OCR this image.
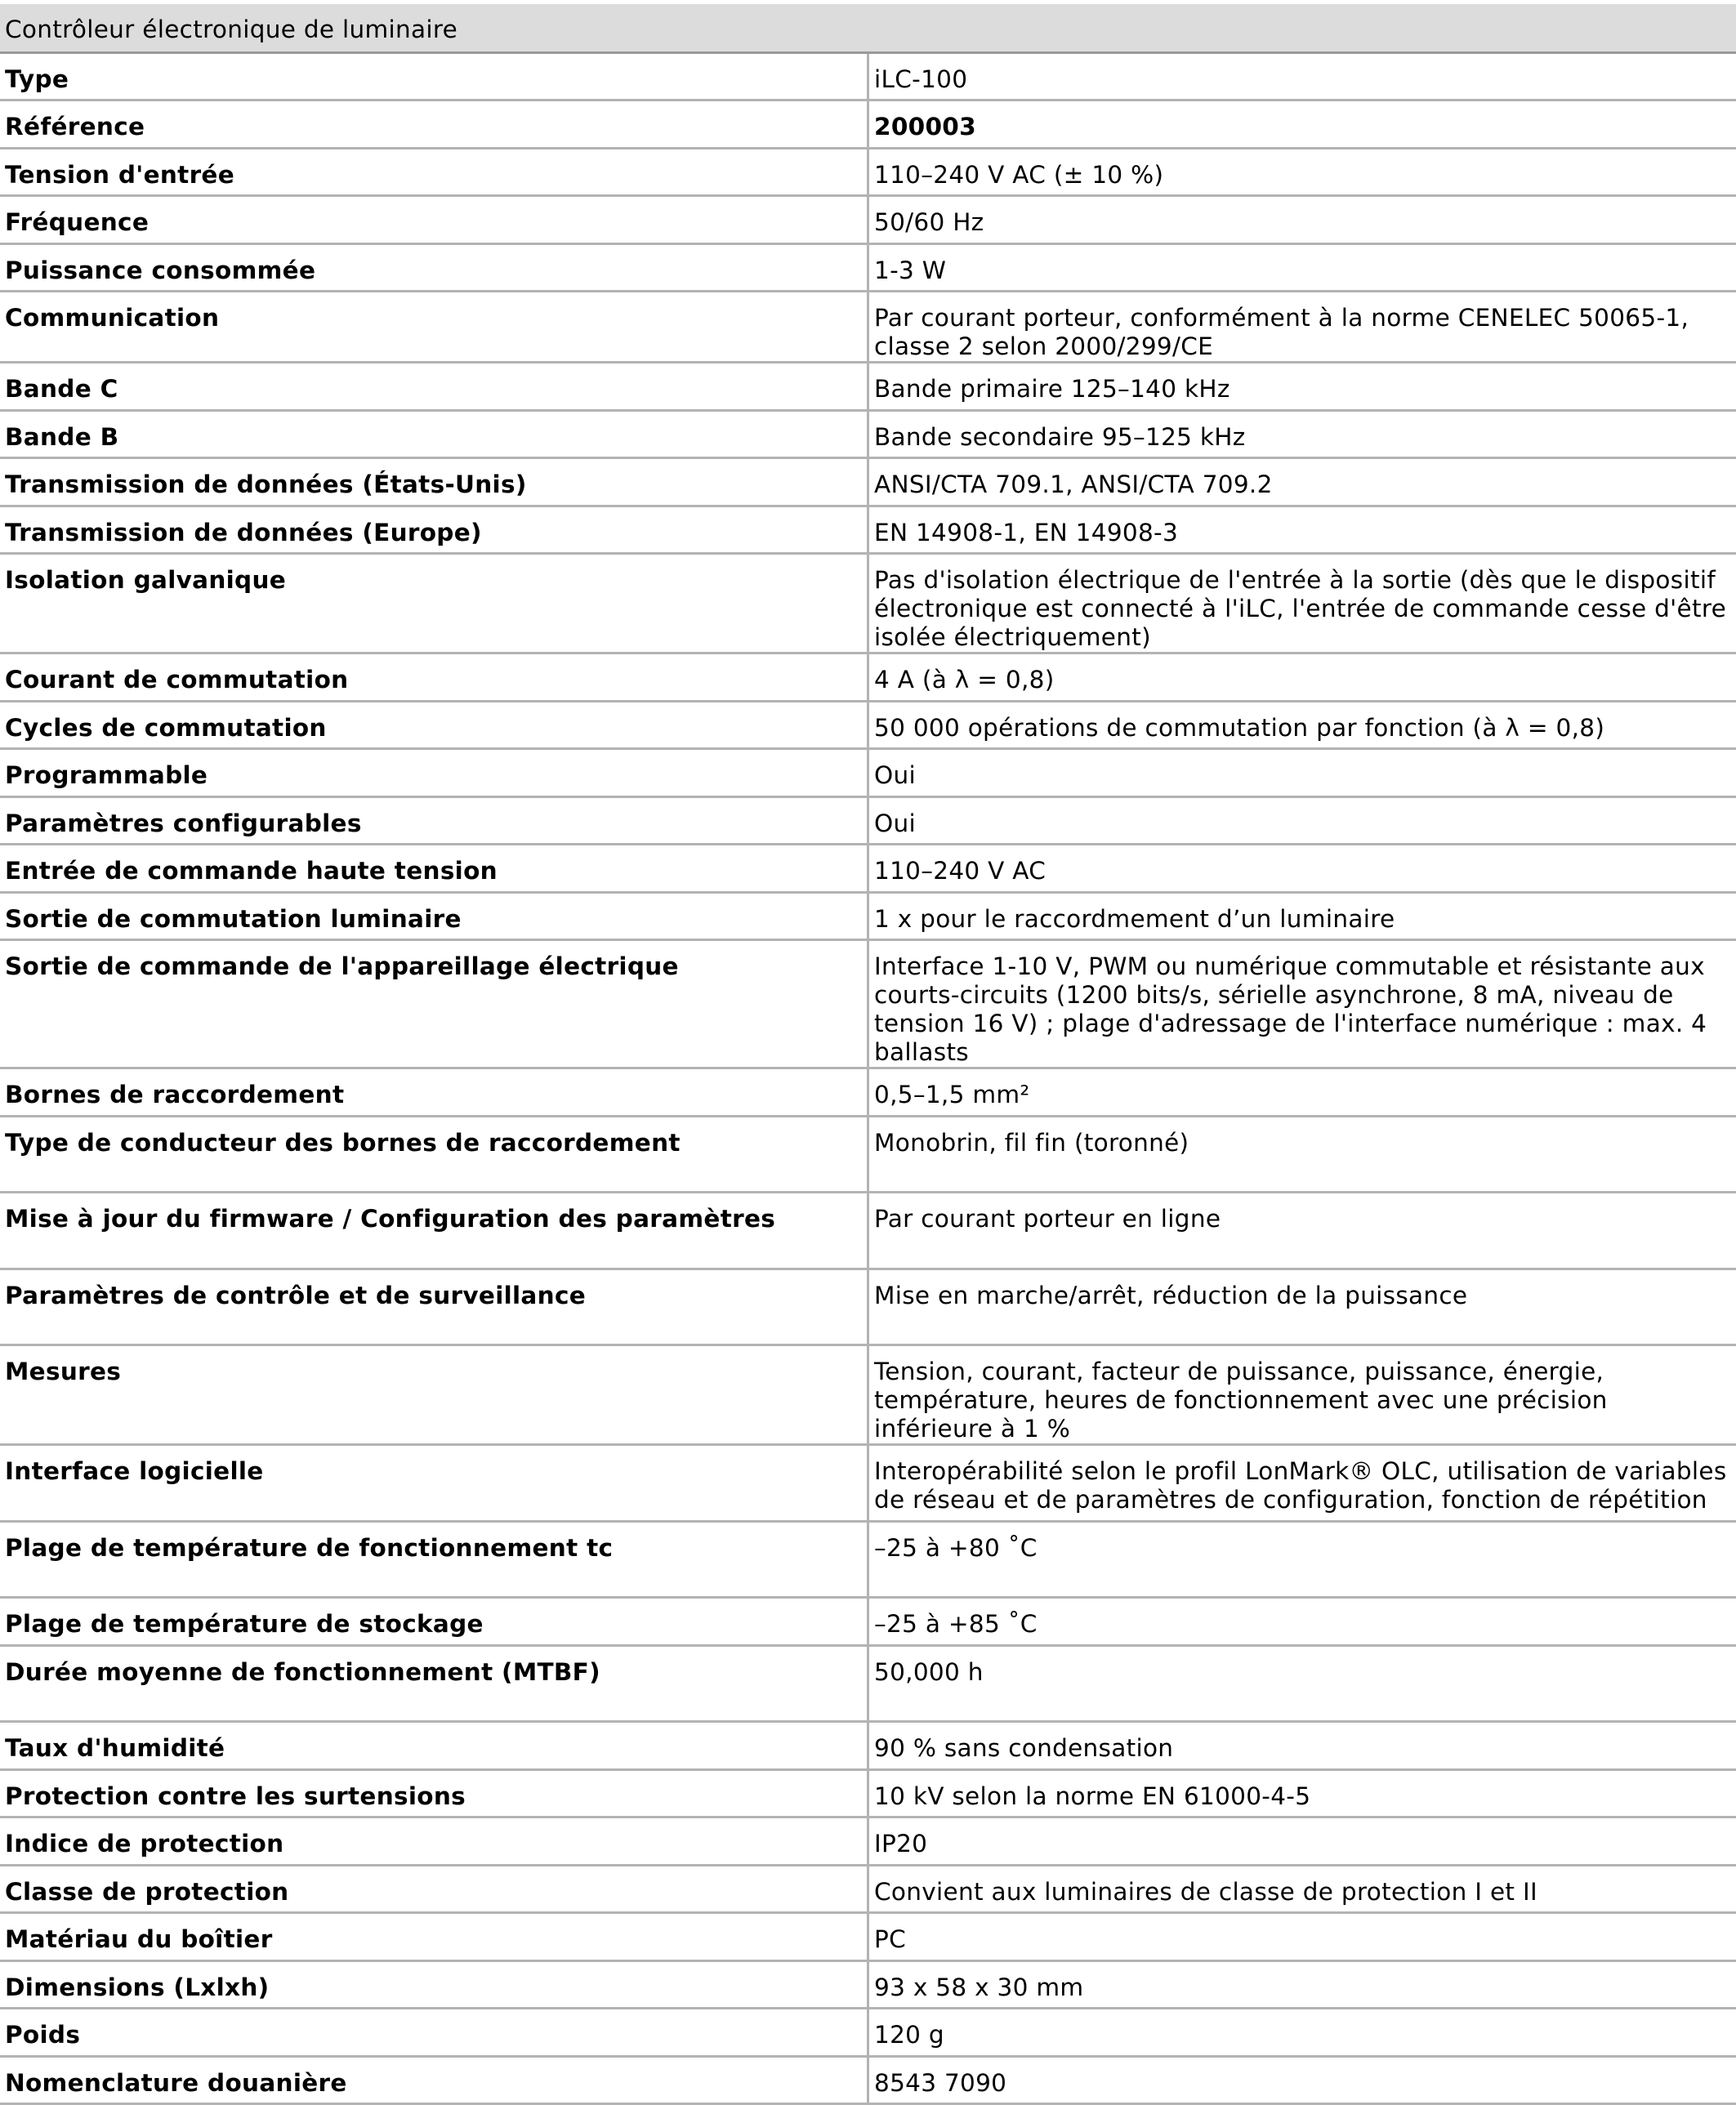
Contrôleur électronique de luminaire	
Type	iLC-100
Référence	200003
Tension d'entrée	110–240 V AC (± 10 %)
Fréquence	50/60 Hz
Puissance consommée	1-3 W
Communication	Par courant porteur, conformément à la norme CENELEC 50065-1, classe 2 selon 2000/299/CE
Bande C	Bande primaire 125–140 kHz
Bande B	Bande secondaire 95–125 kHz
Transmission de données (États-Unis)	ANSI/CTA 709.1, ANSI/CTA 709.2
Transmission de données (Europe)	EN 14908-1, EN 14908-3
Isolation galvanique	Pas d'isolation électrique de l'entrée à la sortie (dès que le dispositif électronique est connecté à l'iLC, l'entrée de commande cesse d'être isolée électriquement)
Courant de commutation	4 A (à λ = 0,8)
Cycles de commutation	50 000 opérations de commutation par fonction (à λ = 0,8)
Programmable	Oui
Paramètres configurables	Oui
Entrée de commande haute tension	110–240 V AC
Sortie de commutation luminaire	1 x pour le raccordmement d’un luminaire
Sortie de commande de l'appareillage électrique	Interface 1-10 V, PWM ou numérique commutable et résistante aux courts-circuits (1200 bits/s, sérielle asynchrone, 8 mA, niveau de tension 16 V) ; plage d'adressage de l'interface numérique : max. 4 ballasts
Bornes de raccordement	0,5–1,5 mm²
Type de conducteur des bornes de raccordement	Monobrin, fil fin (toronné)
Mise à jour du firmware / Configuration des paramètres	Par courant porteur en ligne
Paramètres de contrôle et de surveillance	Mise en marche/arrêt, réduction de la puissance
Mesures	Tension, courant, facteur de puissance, puissance, énergie, température, heures de fonctionnement avec une précision inférieure à 1 %
Interface logicielle	Interopérabilité selon le profil LonMark® OLC, utilisation de variables de réseau et de paramètres de configuration, fonction de répétition
Plage de température de fonctionnement tc	–25 à +80 ˚C
Plage de température de stockage	–25 à +85 ˚C
Durée moyenne de fonctionnement (MTBF)	50,000 h
Taux d'humidité	90 % sans condensation
Protection contre les surtensions	10 kV selon la norme EN 61000-4-5
Indice de protection	IP20
Classe de protection	Convient aux luminaires de classe de protection I et II
Matériau du boîtier	PC
Dimensions (Lxlxh)	93 x 58 x 30 mm
Poids	120 g
Nomenclature douanière	8543 7090
